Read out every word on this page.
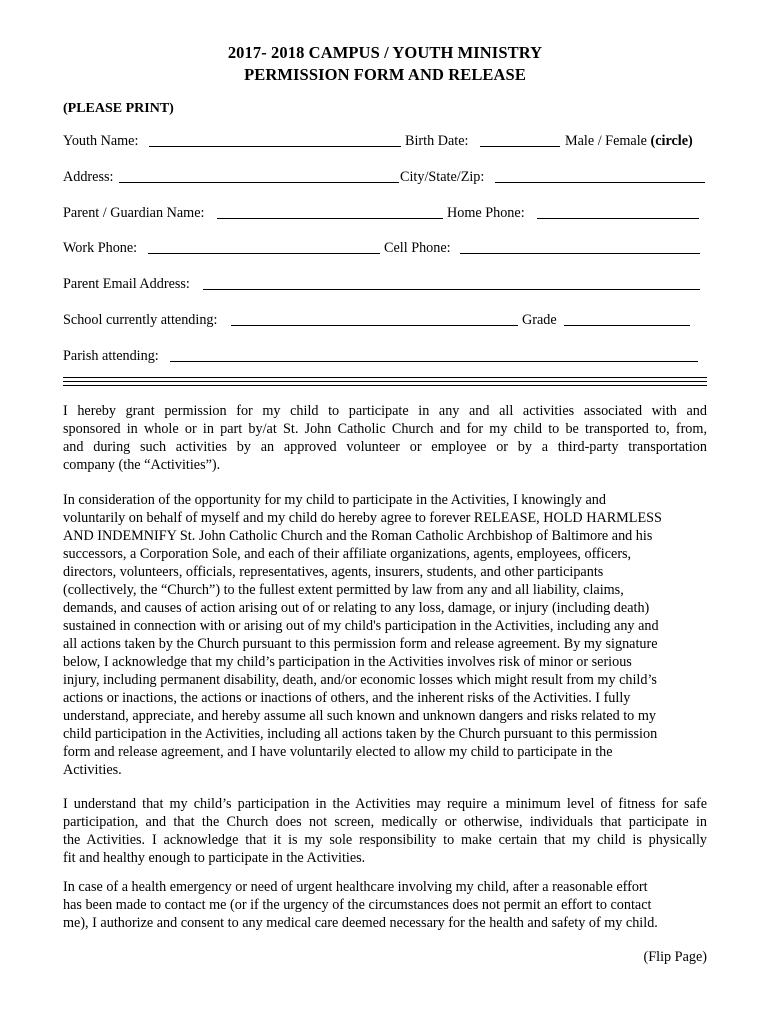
2017- 2018 CAMPUS / YOUTH MINISTRY
PERMISSION FORM AND RELEASE
(PLEASE PRINT)
Youth Name:	Birth Date:	Male / Female (circle)
Address:	City/State/Zip:
Parent / Guardian Name:	Home Phone:
Work Phone:	Cell Phone:
Parent Email Address:
School currently attending:	Grade
Parish attending:
I hereby grant permission for my child to participate in any and all activities associated with and
sponsored in whole or in part by/at St. John Catholic Church and for my child to be transported to, from,
and during such activities by an approved volunteer or employee or by a third-party transportation
company (the “Activities”).
In consideration of the opportunity for my child to participate in the Activities, I knowingly and
voluntarily on behalf of myself and my child do hereby agree to forever RELEASE, HOLD HARMLESS
AND INDEMNIFY St. John Catholic Church and the Roman Catholic Archbishop of Baltimore and his
successors, a Corporation Sole, and each of their affiliate organizations, agents, employees, officers,
directors, volunteers, officials, representatives, agents, insurers, students, and other participants
(collectively, the “Church”) to the fullest extent permitted by law from any and all liability, claims,
demands, and causes of action arising out of or relating to any loss, damage, or injury (including death)
sustained in connection with or arising out of my child's participation in the Activities, including any and
all actions taken by the Church pursuant to this permission form and release agreement. By my signature
below, I acknowledge that my child’s participation in the Activities involves risk of minor or serious
injury, including permanent disability, death, and/or economic losses which might result from my child’s
actions or inactions, the actions or inactions of others, and the inherent risks of the Activities. I fully
understand, appreciate, and hereby assume all such known and unknown dangers and risks related to my
child participation in the Activities, including all actions taken by the Church pursuant to this permission
form and release agreement, and I have voluntarily elected to allow my child to participate in the
Activities.
I understand that my child’s participation in the Activities may require a minimum level of fitness for safe
participation, and that the Church does not screen, medically or otherwise, individuals that participate in
the Activities. I acknowledge that it is my sole responsibility to make certain that my child is physically
fit and healthy enough to participate in the Activities.
In case of a health emergency or need of urgent healthcare involving my child, after a reasonable effort
has been made to contact me (or if the urgency of the circumstances does not permit an effort to contact
me), I authorize and consent to any medical care deemed necessary for the health and safety of my child.
(Flip Page)
